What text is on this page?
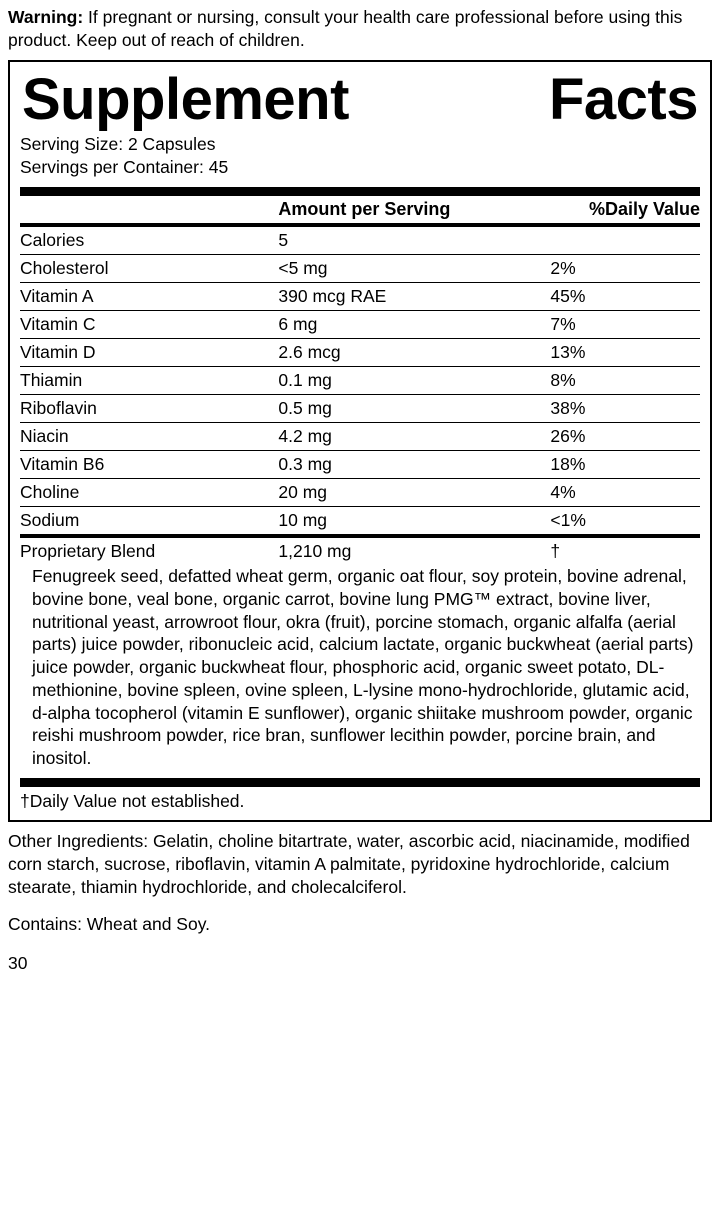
Warning: If pregnant or nursing, consult your health care professional before using this product. Keep out of reach of children.
Supplement	Facts
Serving Size: 2 Capsules
Servings per Container: 45
	Amount per Serving	%Daily Value
Calories	5	
Cholesterol	<5 mg	2%
Vitamin A	390 mcg RAE	45%
Vitamin C	6 mg	7%
Vitamin D	2.6 mcg	13%
Thiamin	0.1 mg	8%
Riboflavin	0.5 mg	38%
Niacin	4.2 mg	26%
Vitamin B6	0.3 mg	18%
Choline	20 mg	4%
Sodium	10 mg	<1%
Proprietary Blend	1,210 mg	†
Fenugreek seed, defatted wheat germ, organic oat flour, soy protein, bovine adrenal, bovine bone, veal bone, organic carrot, bovine lung PMG™ extract, bovine liver, nutritional yeast, arrowroot flour, okra (fruit), porcine stomach, organic alfalfa (aerial parts) juice powder, ribonucleic acid, calcium lactate, organic buckwheat (aerial parts) juice powder, organic buckwheat flour, phosphoric acid, organic sweet potato, DL-methionine, bovine spleen, ovine spleen, L-lysine mono-hydrochloride, glutamic acid, d-alpha tocopherol (vitamin E sunflower), organic shiitake mushroom powder, organic reishi mushroom powder, rice bran, sunflower lecithin powder, porcine brain, and inositol.
†Daily Value not established.
Other Ingredients: Gelatin, choline bitartrate, water, ascorbic acid, niacinamide, modified corn starch, sucrose, riboflavin, vitamin A palmitate, pyridoxine hydrochloride, calcium stearate, thiamin hydrochloride, and cholecalciferol.
Contains: Wheat and Soy.
30
